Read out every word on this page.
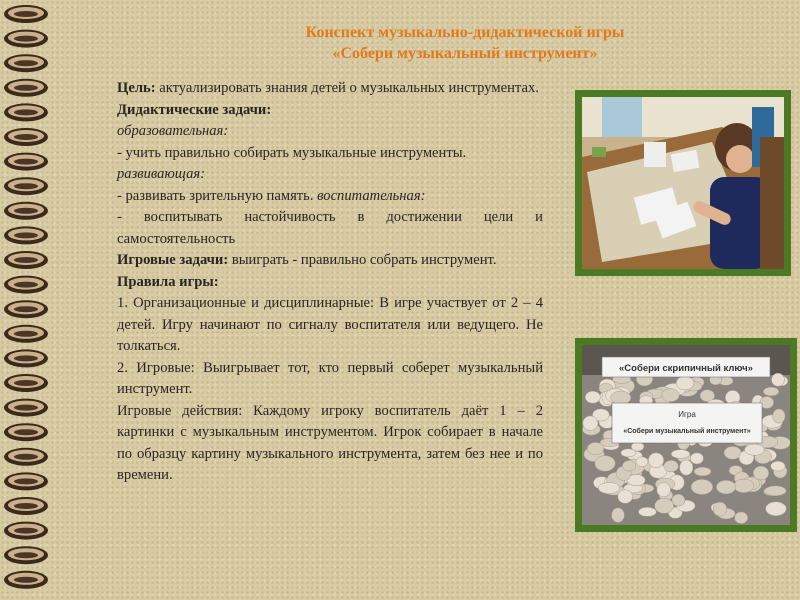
Конспект музыкально-дидактической игры
«Собери музыкальный инструмент»

Цель: актуализировать знания детей о музыкальных инструментах.

Дидактические задачи:

образовательная:

- учить правильно собирать музыкальные инструменты.

развивающая:

- развивать зрительную память. воспитательная:

- воспитывать настойчивость в достижении цели и самостоятельность

Игровые задачи: выиграть - правильно собрать инструмент.

Правила игры:

1. Организационные и дисциплинарные: В игре участвует от 2 – 4 детей. Игру начинают по сигналу воспитателя или ведущего. Не толкаться.

2. Игровые: Выигрывает тот, кто первый соберет музыкальный инструмент.

Игровые действия: Каждому игроку воспитатель даёт 1 – 2 картинки с музыкальным инструментом. Игрок собирает в начале по образцу картину музыкального инструмента, затем без нее и по времени.

«Собери скрипичный ключ»
Игра
«Собери музыкальный инструмент»
